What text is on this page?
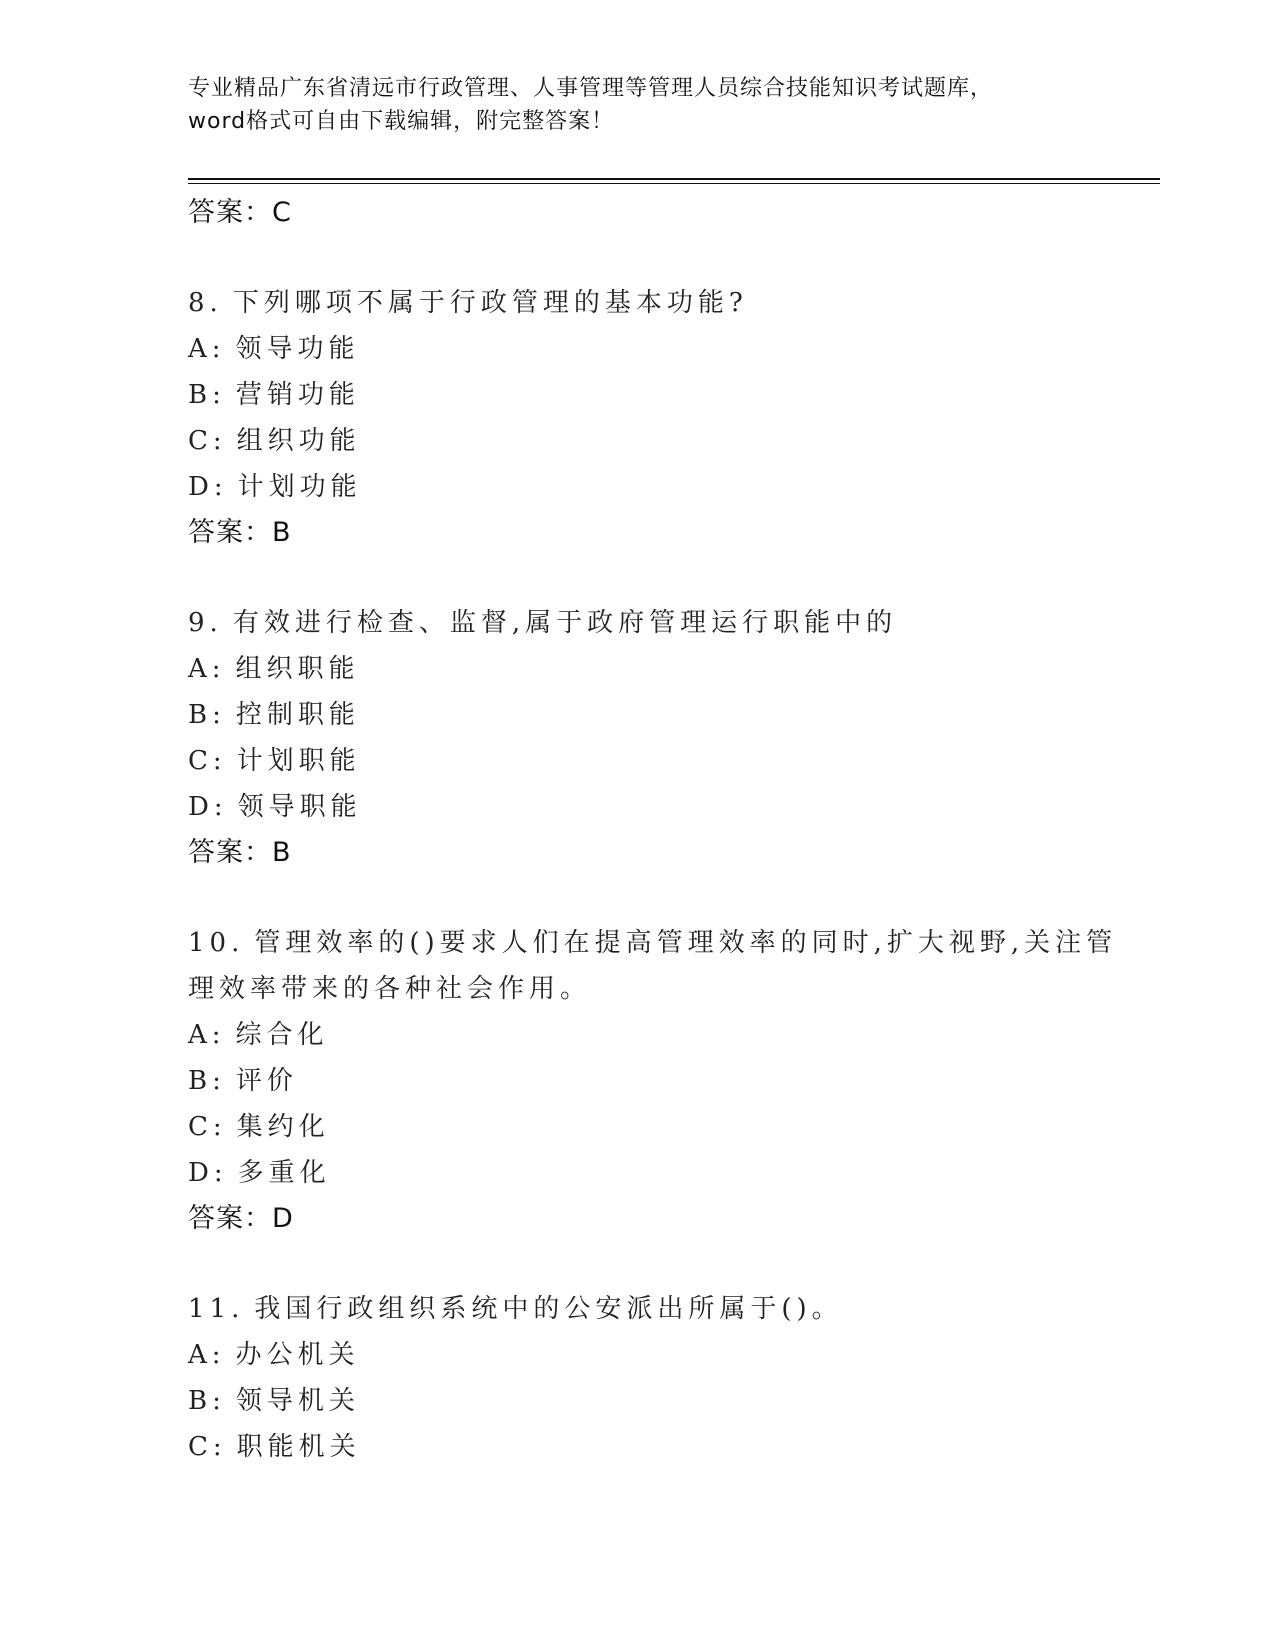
专业精品广东省清远市行政管理、人事管理等管理人员综合技能知识考试题库，
word格式可自由下载编辑，附完整答案！
答案：C
8. 下列哪项不属于行政管理的基本功能?
A: 领导功能
B: 营销功能
C: 组织功能
D: 计划功能
答案：B
9. 有效进行检查、监督,属于政府管理运行职能中的
A: 组织职能
B: 控制职能
C: 计划职能
D: 领导职能
答案：B
10. 管理效率的()要求人们在提高管理效率的同时,扩大视野,关注管理效率带来的各种社会作用。
A: 综合化
B: 评价
C: 集约化
D: 多重化
答案：D
11. 我国行政组织系统中的公安派出所属于()。
A: 办公机关
B: 领导机关
C: 职能机关
